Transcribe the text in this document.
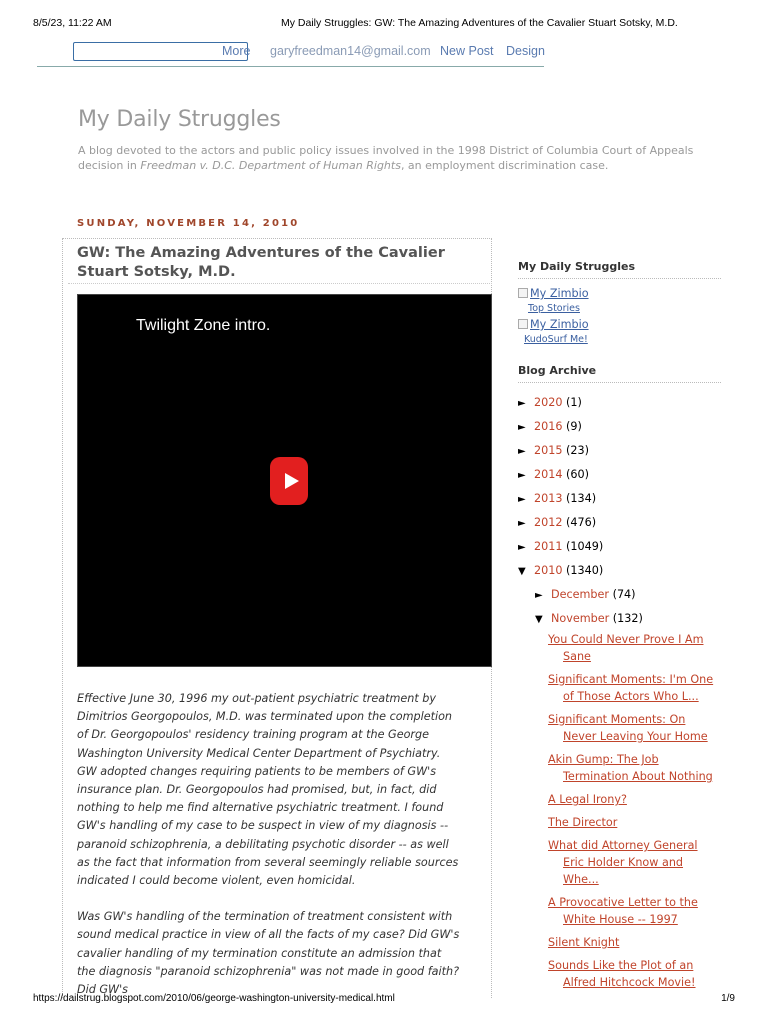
8/5/23, 11:22 AM	My Daily Struggles: GW: The Amazing Adventures of the Cavalier Stuart Sotsky, M.D.
More garyfreedman14@gmail.com New Post Design
My Daily Struggles
A blog devoted to the actors and public policy issues involved in the 1998 District of Columbia Court of Appeals decision in Freedman v. D.C. Department of Human Rights, an employment discrimination case.
SUNDAY, NOVEMBER 14, 2010
GW: The Amazing Adventures of the Cavalier Stuart Sotsky, M.D.
Twilight Zone intro.

Effective June 30, 1996 my out-patient psychiatric treatment by Dimitrios Georgopoulos, M.D. was terminated upon the completion of Dr. Georgopoulos' residency training program at the George Washington University Medical Center Department of Psychiatry. GW adopted changes requiring patients to be members of GW's insurance plan. Dr. Georgopoulos had promised, but, in fact, did nothing to help me find alternative psychiatric treatment. I found GW's handling of my case to be suspect in view of my diagnosis -- paranoid schizophrenia, a debilitating psychotic disorder -- as well as the fact that information from several seemingly reliable sources indicated I could become violent, even homicidal.

Was GW's handling of the termination of treatment consistent with sound medical practice in view of all the facts of my case? Did GW's cavalier handling of my termination constitute an admission that the diagnosis "paranoid schizophrenia" was not made in good faith? Did GW's

My Daily Struggles
My Zimbio
Top Stories
My Zimbio
KudoSurf Me!
Blog Archive
► 2020 (1)
► 2016 (9)
► 2015 (23)
► 2014 (60)
► 2013 (134)
► 2012 (476)
► 2011 (1049)
▼ 2010 (1340)
► December (74)
▼ November (132)
You Could Never Prove I Am Sane
Significant Moments: I'm One of Those Actors Who L...
Significant Moments: On Never Leaving Your Home
Akin Gump: The Job Termination About Nothing
A Legal Irony?
The Director
What did Attorney General Eric Holder Know and Whe...
A Provocative Letter to the White House -- 1997
Silent Knight
Sounds Like the Plot of an Alfred Hitchcock Movie!
https://dailstrug.blogspot.com/2010/06/george-washington-university-medical.html	1/9
